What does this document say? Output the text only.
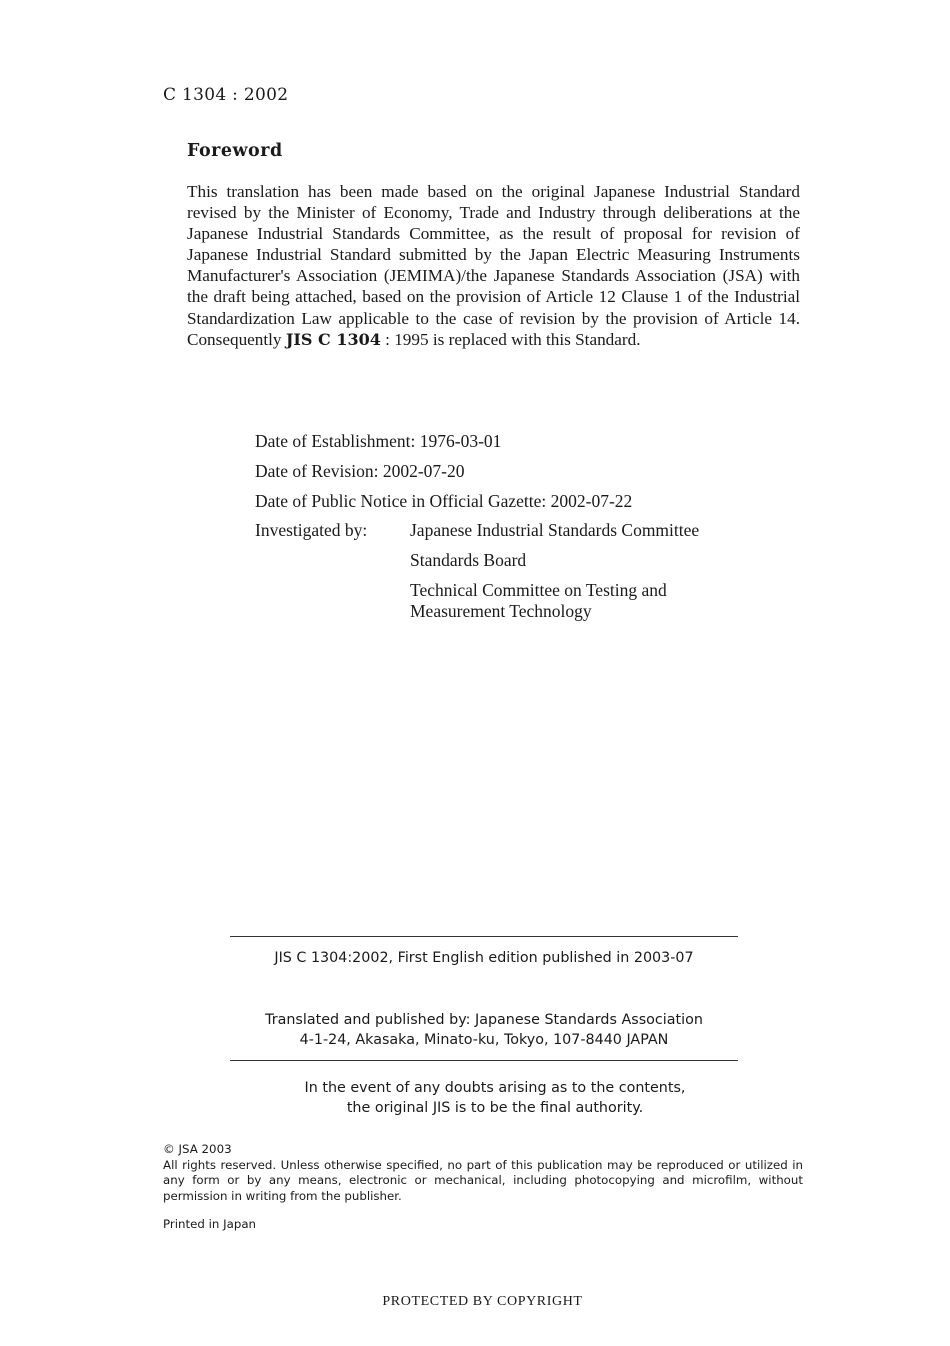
C 1304 : 2002
Foreword
This translation has been made based on the original Japanese Industrial Standard revised by the Minister of Economy, Trade and Industry through deliberations at the Japanese Industrial Standards Committee, as the result of proposal for revision of Japanese Industrial Standard submitted by the Japan Electric Measuring Instruments Manufacturer's Association (JEMIMA)/the Japanese Standards Association (JSA) with the draft being attached, based on the provision of Article 12 Clause 1 of the Industrial Standardization Law applicable to the case of revision by the provision of Article 14. Consequently JIS C 1304 : 1995 is replaced with this Standard.
Date of Establishment: 1976-03-01
Date of Revision: 2002-07-20
Date of Public Notice in Official Gazette: 2002-07-22
Investigated by:	Japanese Industrial Standards Committee
Standards Board
Technical Committee on Testing and
Measurement Technology
JIS C 1304:2002, First English edition published in 2003-07
Translated and published by: Japanese Standards Association
4-1-24, Akasaka, Minato-ku, Tokyo, 107-8440 JAPAN
In the event of any doubts arising as to the contents,
the original JIS is to be the final authority.
© JSA 2003
All rights reserved. Unless otherwise specified, no part of this publication may be reproduced or utilized in any form or by any means, electronic or mechanical, including photocopying and microfilm, without permission in writing from the publisher.
Printed in Japan
PROTECTED BY COPYRIGHT
